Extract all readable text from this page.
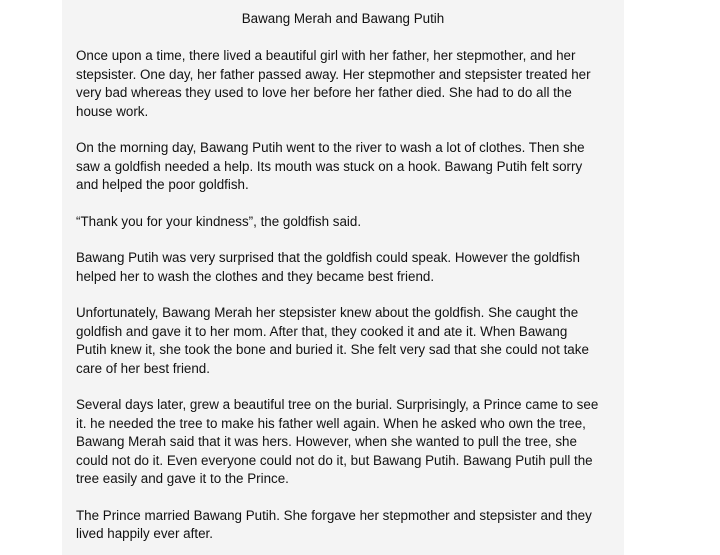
Bawang Merah and Bawang Putih
Once upon a time, there lived a beautiful girl with her father, her stepmother, and her
stepsister. One day, her father passed away. Her stepmother and stepsister treated her
very bad whereas they used to love her before her father died. She had to do all the
house work.
On the morning day, Bawang Putih went to the river to wash a lot of clothes. Then she
saw a goldfish needed a help. Its mouth was stuck on a hook. Bawang Putih felt sorry
and helped the poor goldfish.
“Thank you for your kindness”, the goldfish said.
Bawang Putih was very surprised that the goldfish could speak. However the goldfish
helped her to wash the clothes and they became best friend.
Unfortunately, Bawang Merah her stepsister knew about the goldfish. She caught the
goldfish and gave it to her mom. After that, they cooked it and ate it. When Bawang
Putih knew it, she took the bone and buried it. She felt very sad that she could not take
care of her best friend.
Several days later, grew a beautiful tree on the burial. Surprisingly, a Prince came to see
it. he needed the tree to make his father well again. When he asked who own the tree,
Bawang Merah said that it was hers. However, when she wanted to pull the tree, she
could not do it. Even everyone could not do it, but Bawang Putih. Bawang Putih pull the
tree easily and gave it to the Prince.
The Prince married Bawang Putih. She forgave her stepmother and stepsister and they
lived happily ever after.
